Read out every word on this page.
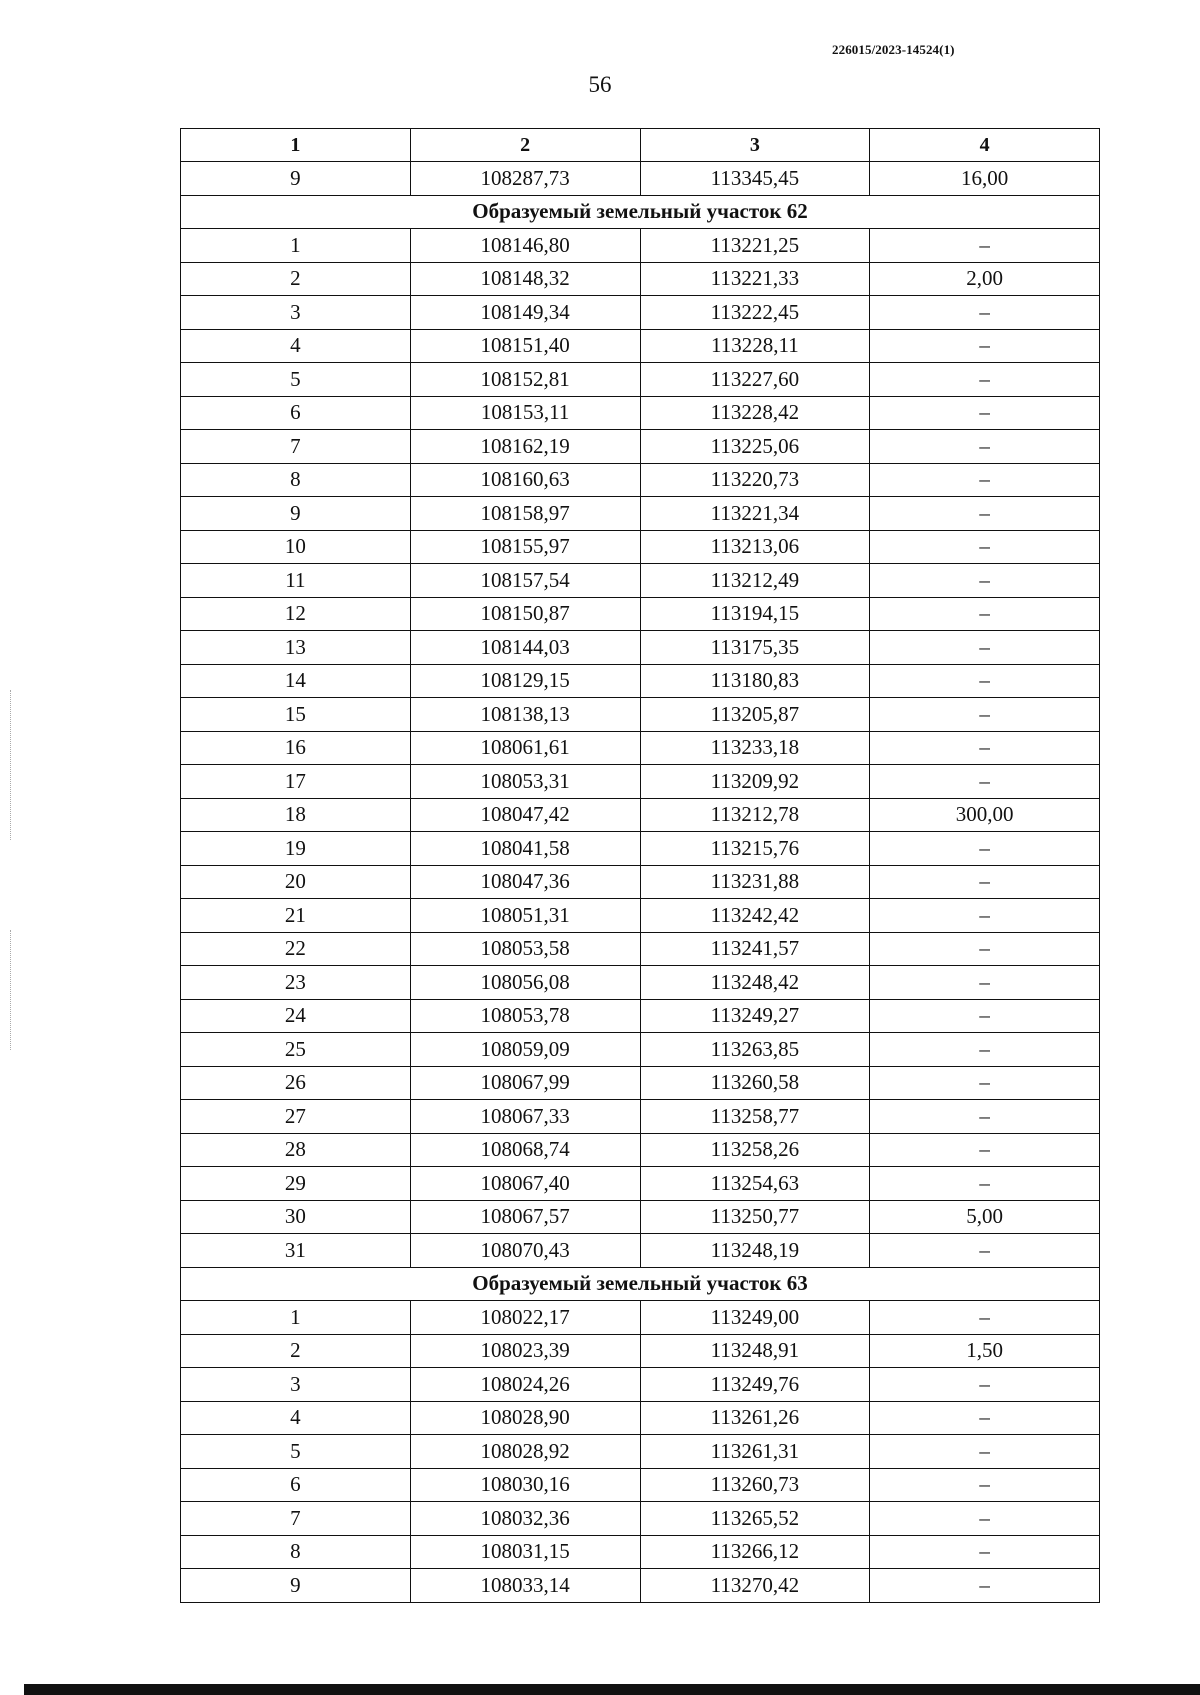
226015/2023-14524(1)
56
1	2	3	4
9	108287,73	113345,45	16,00
Образуемый земельный участок 62			
1	108146,80	113221,25	–
2	108148,32	113221,33	2,00
3	108149,34	113222,45	–
4	108151,40	113228,11	–
5	108152,81	113227,60	–
6	108153,11	113228,42	–
7	108162,19	113225,06	–
8	108160,63	113220,73	–
9	108158,97	113221,34	–
10	108155,97	113213,06	–
11	108157,54	113212,49	–
12	108150,87	113194,15	–
13	108144,03	113175,35	–
14	108129,15	113180,83	–
15	108138,13	113205,87	–
16	108061,61	113233,18	–
17	108053,31	113209,92	–
18	108047,42	113212,78	300,00
19	108041,58	113215,76	–
20	108047,36	113231,88	–
21	108051,31	113242,42	–
22	108053,58	113241,57	–
23	108056,08	113248,42	–
24	108053,78	113249,27	–
25	108059,09	113263,85	–
26	108067,99	113260,58	–
27	108067,33	113258,77	–
28	108068,74	113258,26	–
29	108067,40	113254,63	–
30	108067,57	113250,77	5,00
31	108070,43	113248,19	–
Образуемый земельный участок 63			
1	108022,17	113249,00	–
2	108023,39	113248,91	1,50
3	108024,26	113249,76	–
4	108028,90	113261,26	–
5	108028,92	113261,31	–
6	108030,16	113260,73	–
7	108032,36	113265,52	–
8	108031,15	113266,12	–
9	108033,14	113270,42	–
